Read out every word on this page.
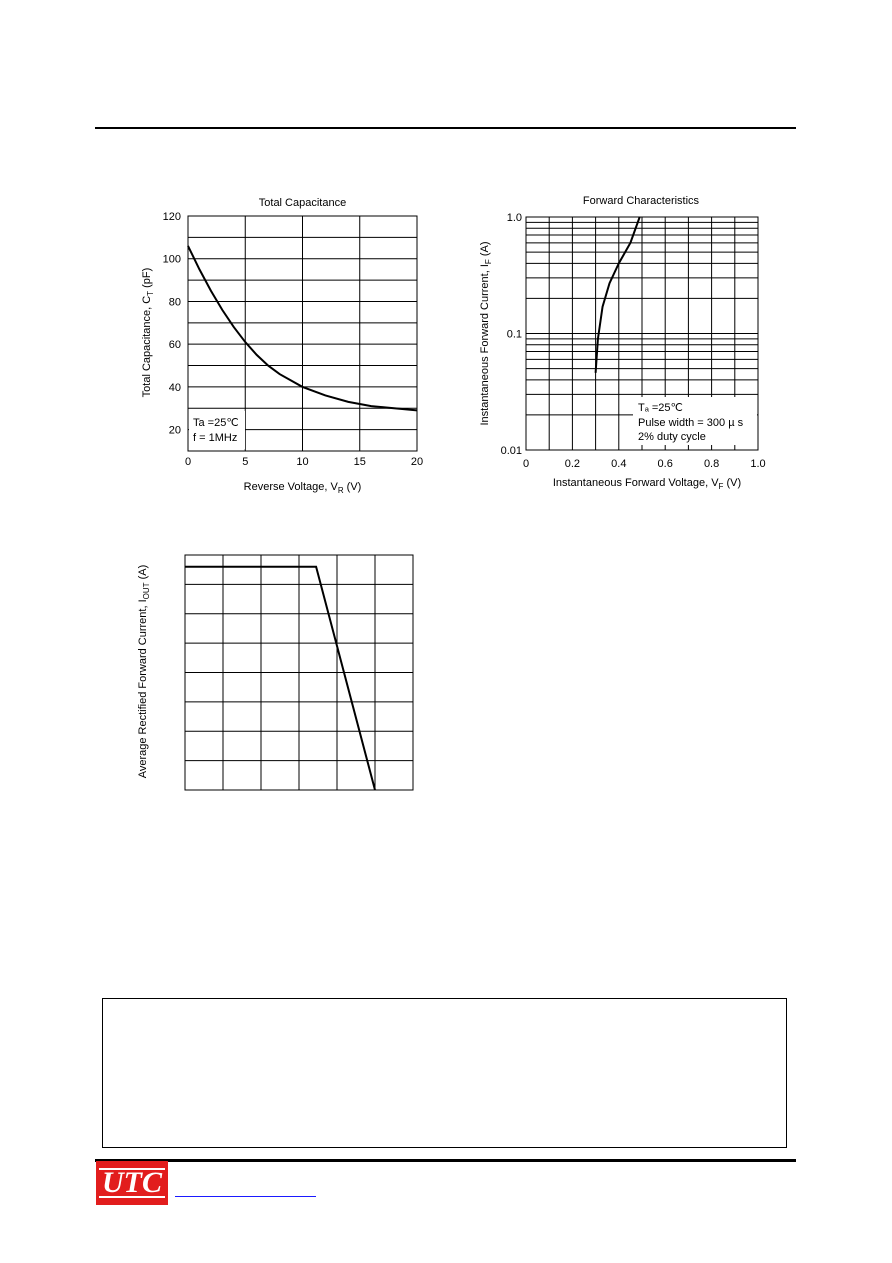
Ta =25℃
f = 1MHz
0	5	10	15	20
20
40
60
80
100
120
Total Capacitance
Reverse Voltage, $V_R$ (V)
Total Capacitance, $C_T$ (pF)
Tₐ =25℃
Pulse width = 300 µ s
2% duty cycle
0	0.2	0.4	0.6	0.8	1.0
0.01
0.1
1.0
Forward Characteristics
Instantaneous Forward Voltage, $V_F$ (V)
Instantaneous Forward Current, $I_F$ (A)
Average Rectified Forward Current, $I_{OUT}$ (A)
UTC
